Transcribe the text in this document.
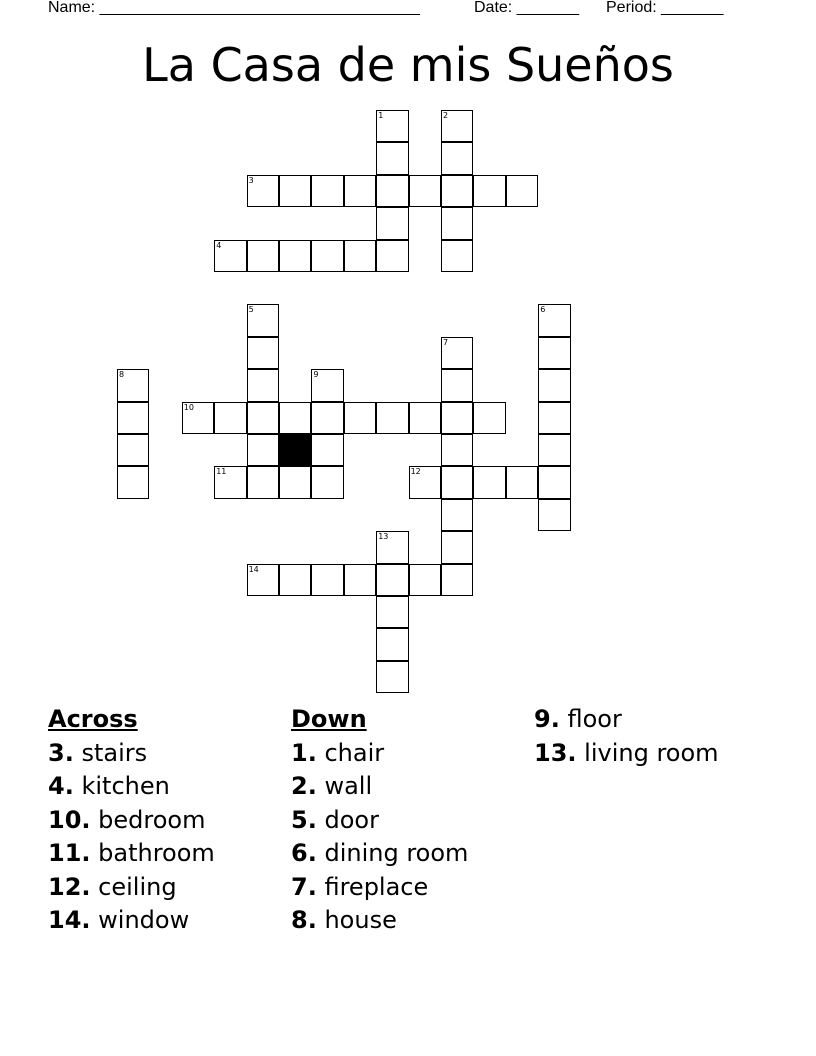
Name: ____________________________________	Date: _______ Period: _______
La Casa de mis Sueños
1	2
3
4
5	6
7
8	9
10
11	12
13
14
Across
3. stairs
4. kitchen
10. bedroom
11. bathroom
12. ceiling
14. window
Down
1. chair
2. wall
5. door
6. dining room
7. fireplace
8. house
9. floor
13. living room
